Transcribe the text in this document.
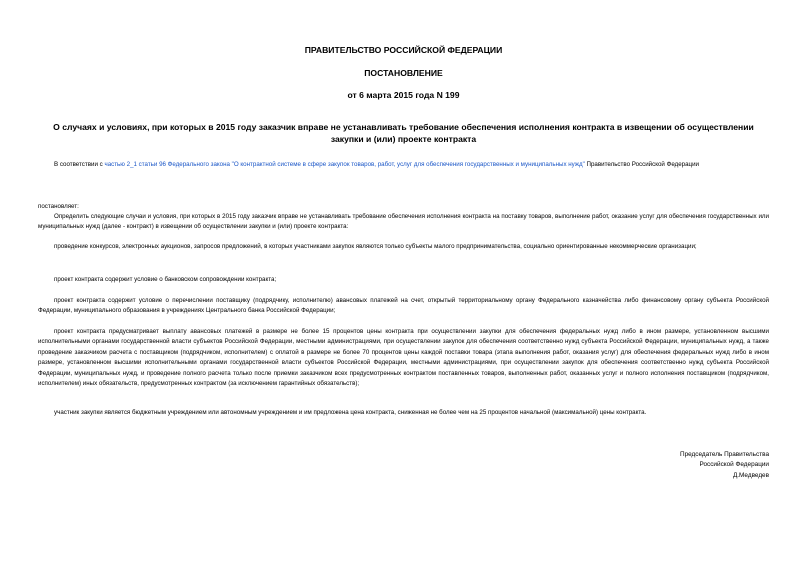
ПРАВИТЕЛЬСТВО РОССИЙСКОЙ ФЕДЕРАЦИИ
ПОСТАНОВЛЕНИЕ
от 6 марта 2015 года N 199
О случаях и условиях, при которых в 2015 году заказчик вправе не устанавливать требование обеспечения исполнения контракта в извещении об осуществлении закупки и (или) проекте контракта

В соответствии с частью 2_1 статьи 96 Федерального закона "О контрактной системе в сфере закупок товаров, работ, услуг для обеспечения государственных и муниципальных нужд" Правительство Российской Федерации

постановляет:

Определить следующие случаи и условия, при которых в 2015 году заказчик вправе не устанавливать требование обеспечения исполнения контракта на поставку товаров, выполнение работ, оказание услуг для обеспечения государственных или муниципальных нужд (далее - контракт) в извещении об осуществлении закупки и (или) проекте контракта:

проведение конкурсов, электронных аукционов, запросов предложений, в которых участниками закупок являются только субъекты малого предпринимательства, социально ориентированные некоммерческие организации;

проект контракта содержит условие о банковском сопровождении контракта;

проект контракта содержит условие о перечислении поставщику (подрядчику, исполнителю) авансовых платежей на счет, открытый территориальному органу Федерального казначейства либо финансовому органу субъекта Российской Федерации, муниципального образования в учреждениях Центрального банка Российской Федерации;

проект контракта предусматривает выплату авансовых платежей в размере не более 15 процентов цены контракта при осуществлении закупки для обеспечения федеральных нужд либо в ином размере, установленном высшими исполнительными органами государственной власти субъектов Российской Федерации, местными администрациями, при осуществлении закупок для обеспечения соответственно нужд субъекта Российской Федерации, муниципальных нужд, а также проведение заказчиком расчета с поставщиком (подрядчиком, исполнителем) с оплатой в размере не более 70 процентов цены каждой поставки товара (этапа выполнения работ, оказания услуг) для обеспечения федеральных нужд либо в ином размере, установленном высшими исполнительными органами государственной власти субъектов Российской Федерации, местными администрациями, при осуществлении закупок для обеспечения соответственно нужд субъекта Российской Федерации, муниципальных нужд, и проведение полного расчета только после приемки заказчиком всех предусмотренных контрактом поставленных товаров, выполненных работ, оказанных услуг и полного исполнения поставщиком (подрядчиком, исполнителем) иных обязательств, предусмотренных контрактом (за исключением гарантийных обязательств);

участник закупки является бюджетным учреждением или автономным учреждением и им предложена цена контракта, сниженная не более чем на 25 процентов начальной (максимальной) цены контракта.

Председатель Правительства
Российской Федерации
Д.Медведев
